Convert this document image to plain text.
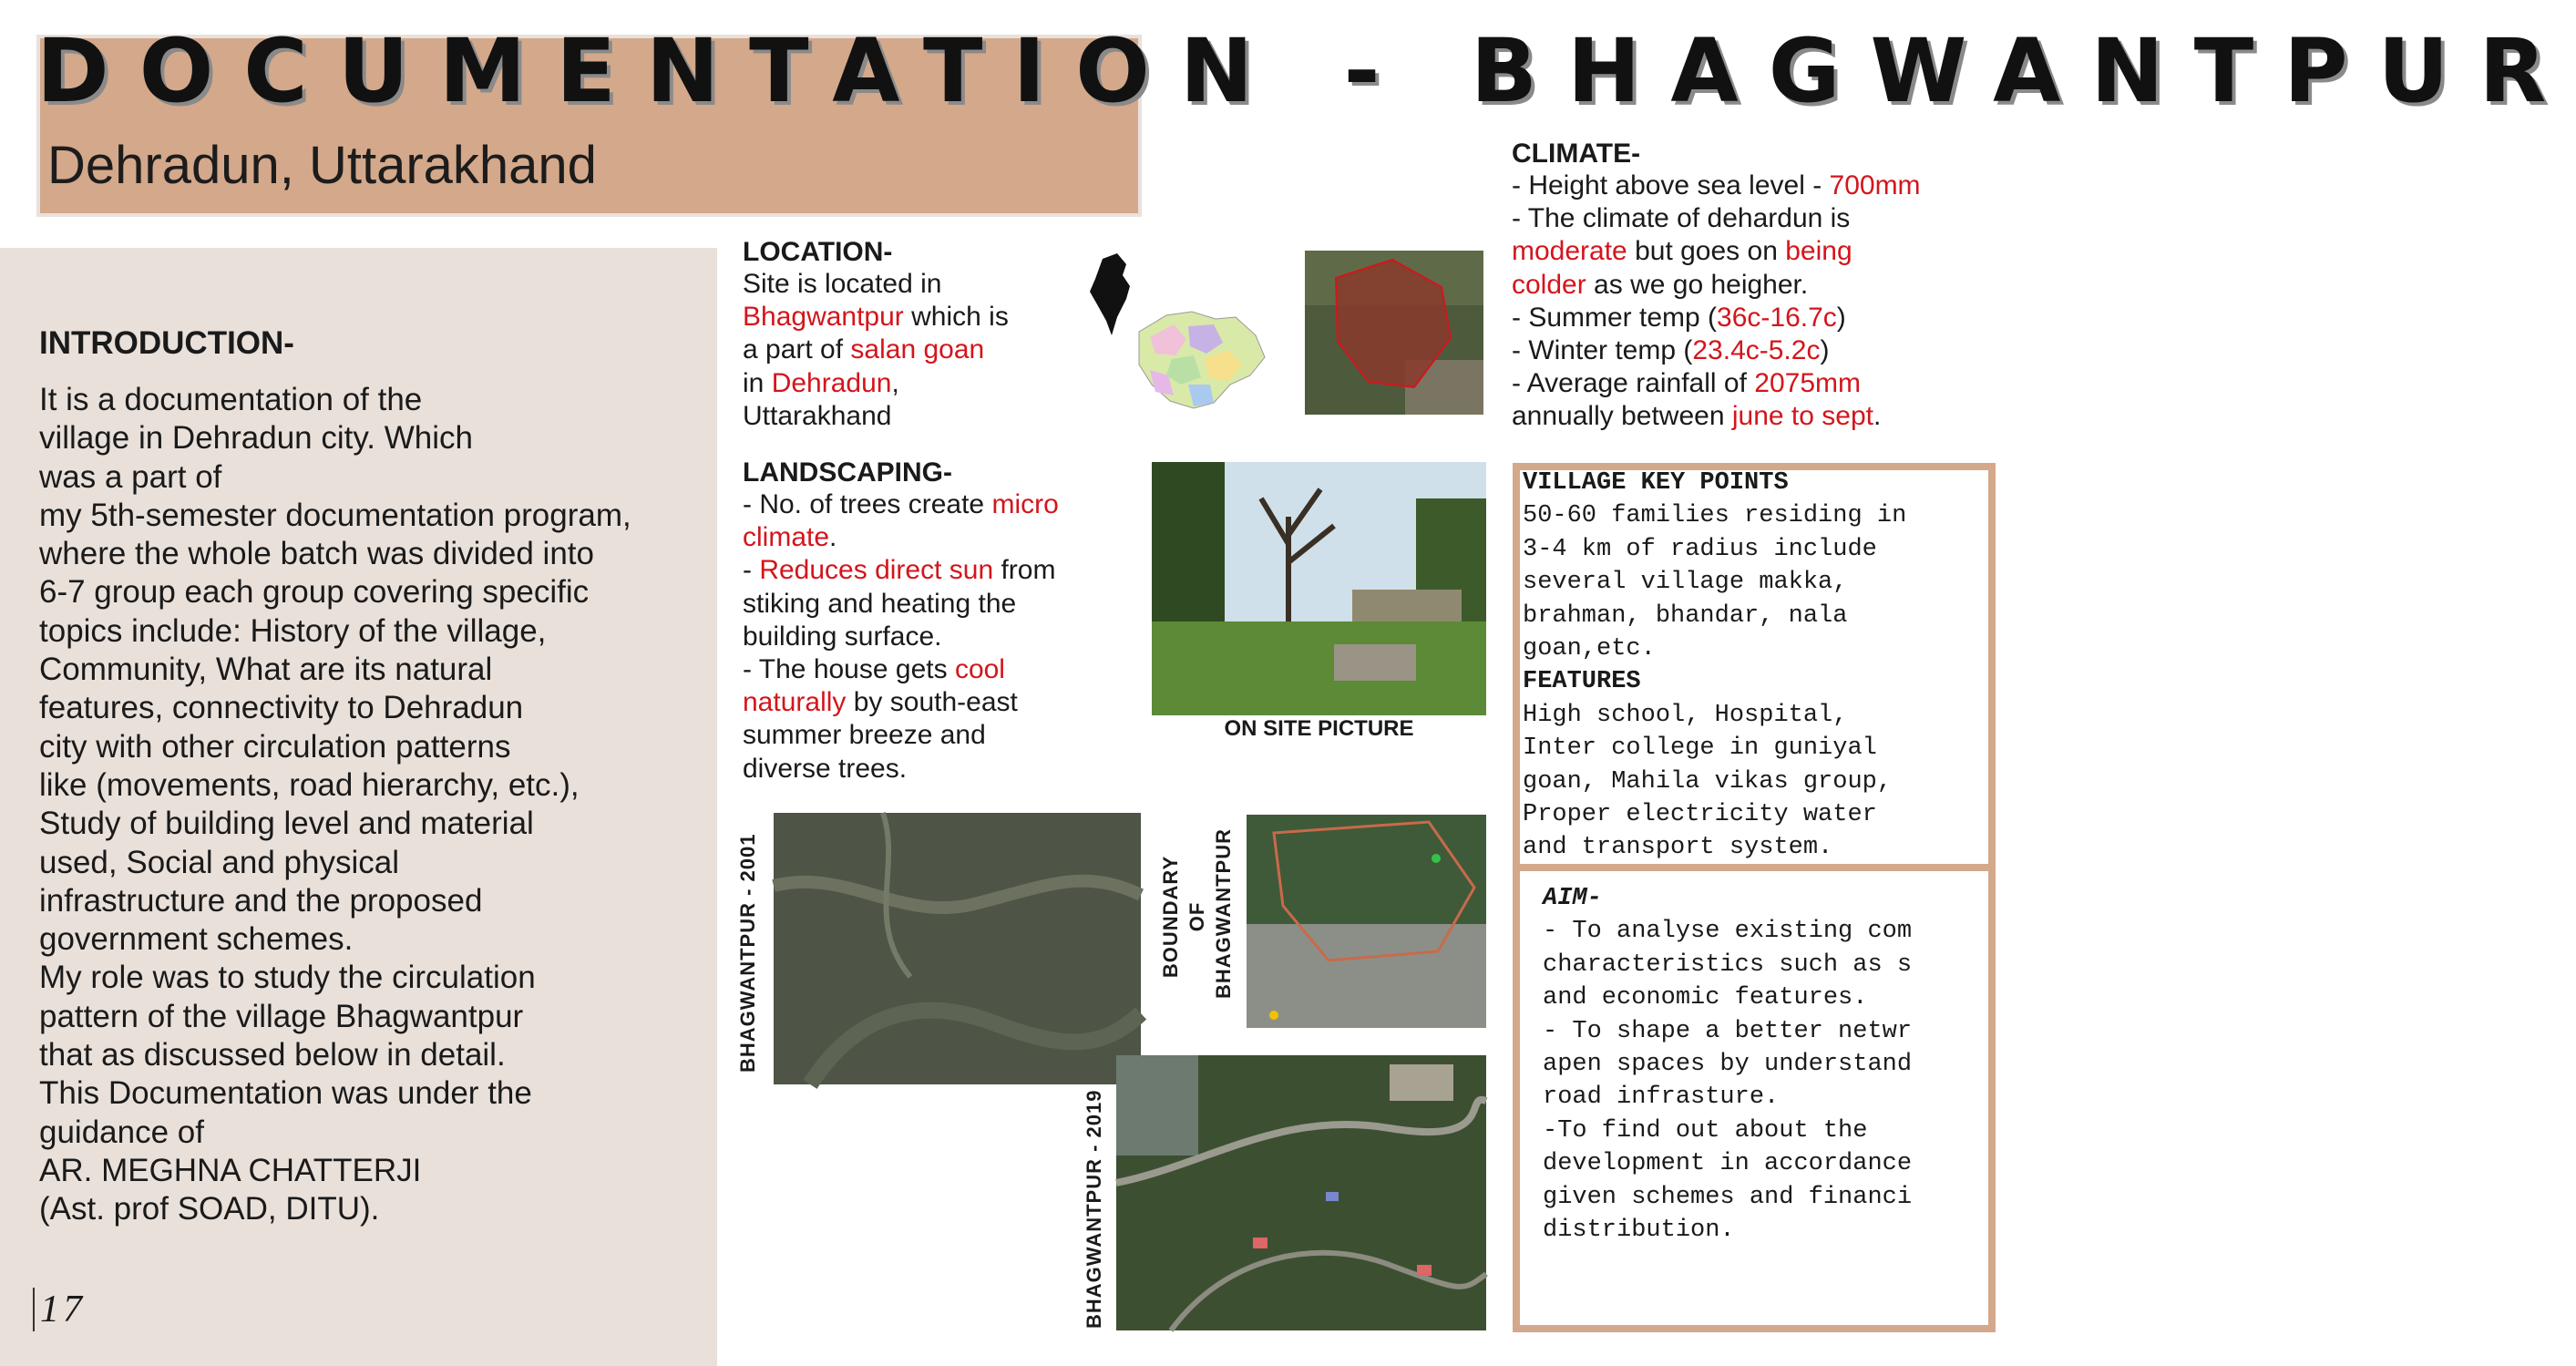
DOCUMENTATION - BHAGWANTPUR
Dehradun, Uttarakhand
INTRODUCTION-
It is a documentation of the
village in Dehradun city. Which
was a part of
my 5th-semester documentation program,
where the whole batch was divided into
6-7 group each group covering specific
topics include: History of the village,
Community, What are its natural
features, connectivity to Dehradun
city with other circulation patterns
like (movements, road hierarchy, etc.),
Study of building level and material
used, Social and physical
infrastructure and the proposed
government schemes.
My role was to study the circulation
pattern of the village Bhagwantpur
that as discussed below in detail.
This Documentation was under the
guidance of
AR. MEGHNA CHATTERJI
(Ast. prof SOAD, DITU).
17
LOCATION-
Site is located in
Bhagwantpur which is
a part of salan goan
in Dehradun,
Uttarakhand
LANDSCAPING-
- No. of trees create micro
climate.
- Reduces direct sun from
stiking and heating the
building surface.
- The house gets cool
naturally by south-east
summer breeze and
diverse trees.
ON SITE PICTURE
BHAGWANTPUR - 2001	BOUNDARY OF BHAGWANTPUR
BHAGWANTPUR - 2019
CLIMATE-
- Height above sea level - 700mm
- The climate of dehardun is
moderate but goes on being
colder as we go heigher.
- Summer temp (36c-16.7c)
- Winter temp (23.4c-5.2c)
- Average rainfall of 2075mm
annually between june to sept.
VILLAGE KEY POINTS
50-60 families residing in
3-4 km of radius include
several village makka,
brahman, bhandar, nala
goan,etc.
FEATURES
High school, Hospital,
Inter college in guniyal
goan, Mahila vikas group,
Proper electricity water
and transport system.
AIM-
- To analyse existing com
characteristics such as s
and economic features.
- To shape a better netwr
apen spaces by understand
road infrasture.
-To find out about the
development in accordance
given schemes and financi
distribution.
